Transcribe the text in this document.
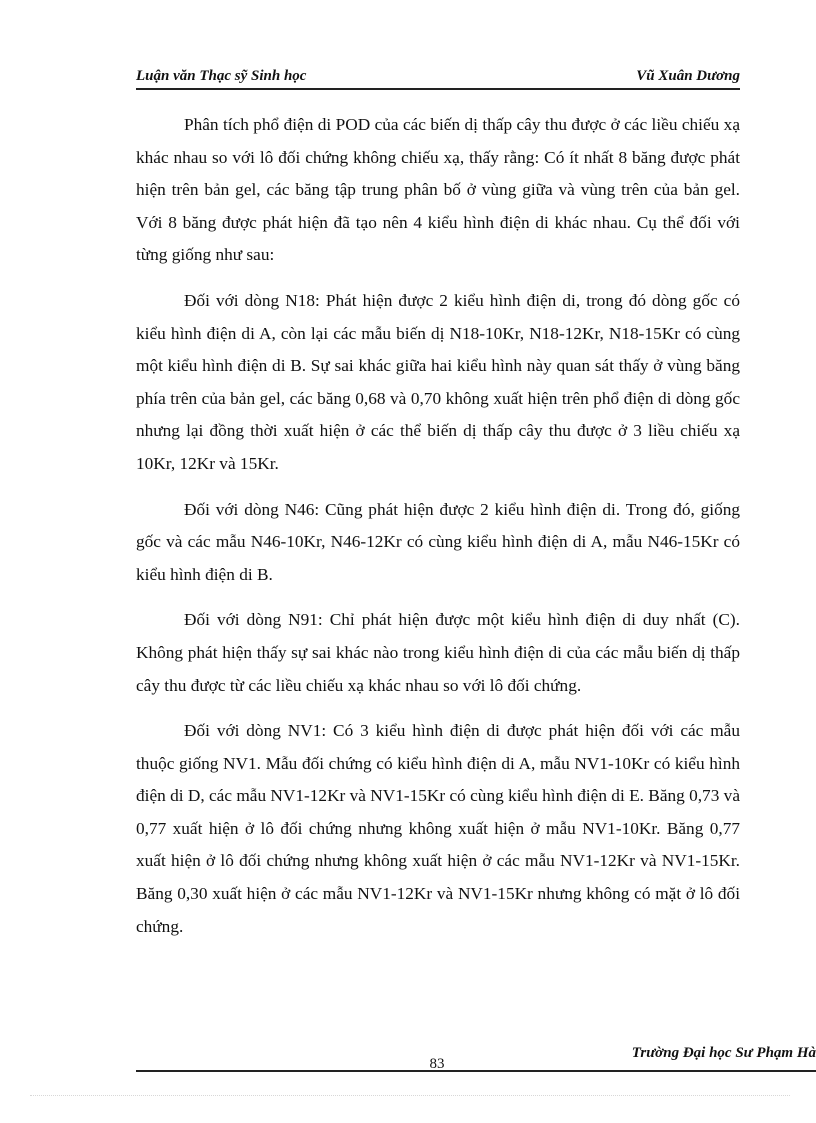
Luận văn Thạc sỹ Sinh học	Vũ Xuân Dương

Phân tích phổ điện di POD của các biến dị thấp cây thu được ở các liều chiếu xạ khác nhau so với lô đối chứng không chiếu xạ, thấy rằng: Có ít nhất 8 băng được phát hiện trên bản gel, các băng tập trung phân bố ở vùng giữa và vùng trên của bản gel. Với 8 băng được phát hiện đã tạo nên 4 kiểu hình điện di khác nhau. Cụ thể đối với từng giống như sau:

Đối với dòng N18: Phát hiện được 2 kiểu hình điện di, trong đó dòng gốc có kiểu hình điện di A, còn lại các mẫu biến dị N18-10Kr, N18-12Kr, N18-15Kr có cùng một kiểu hình điện di B. Sự sai khác giữa hai kiểu hình này quan sát thấy ở vùng băng phía trên của bản gel, các băng 0,68 và 0,70 không xuất hiện trên phổ điện di dòng gốc nhưng lại đồng thời xuất hiện ở các thể biến dị thấp cây thu được ở 3 liều chiếu xạ 10Kr, 12Kr và 15Kr.

Đối với dòng N46: Cũng phát hiện được 2 kiểu hình điện di. Trong đó, giống gốc và các mẫu N46-10Kr, N46-12Kr có cùng kiểu hình điện di A, mẫu N46-15Kr có kiểu hình điện di B.

Đối với dòng N91: Chỉ phát hiện được một kiểu hình điện di duy nhất (C). Không phát hiện thấy sự sai khác nào trong kiểu hình điện di của các mẫu biến dị thấp cây thu được từ các liều chiếu xạ khác nhau so với lô đối chứng.

Đối với dòng NV1: Có 3 kiểu hình điện di được phát hiện đối với các mẫu thuộc giống NV1. Mẫu đối chứng có kiểu hình điện di A, mẫu NV1-10Kr có kiểu hình điện di D, các mẫu NV1-12Kr và NV1-15Kr có cùng kiểu hình điện di E. Băng 0,73 và 0,77 xuất hiện ở lô đối chứng nhưng không xuất hiện ở mẫu NV1-10Kr. Băng 0,77 xuất hiện ở lô đối chứng nhưng không xuất hiện ở các mẫu NV1-12Kr và NV1-15Kr. Băng 0,30 xuất hiện ở các mẫu NV1-12Kr và NV1-15Kr nhưng không có mặt ở lô đối chứng.

Trường Đại học Sư Phạm Hà
83
